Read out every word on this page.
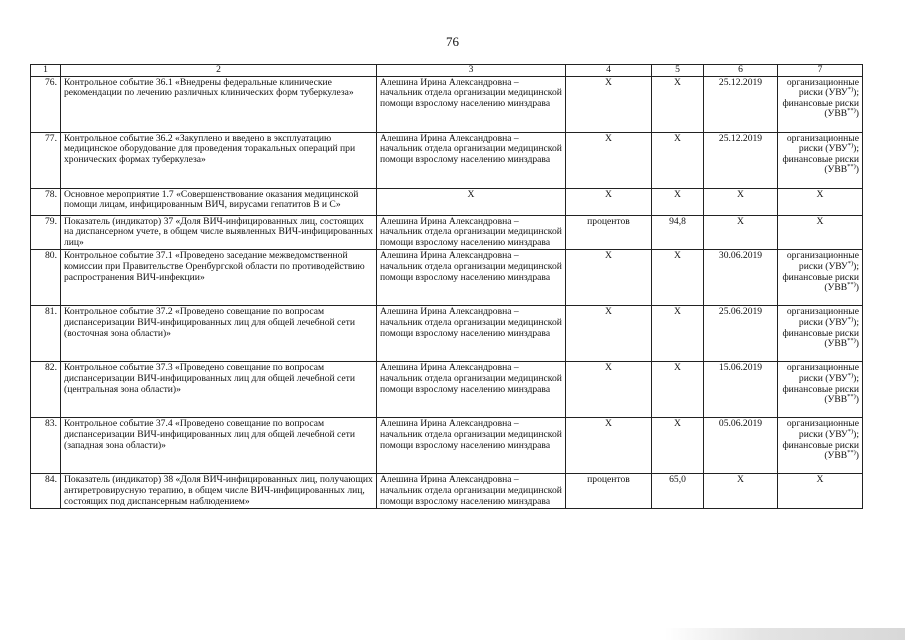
76
1	2	3	4	5	6	7
76.	Контрольное событие 36.1 «Внедрены федеральные клинические рекомендации по лечению различных клинических форм туберкулеза»	Алешина Ирина Александровна – начальник отдела организации медицинской помощи взрослому населению минздрава	X	X	25.12.2019	организационные риски (УВУ*)); финансовые риски (УВВ**))
77.	Контрольное событие 36.2 «Закуплено и введено в эксплуатацию медицинское оборудование для проведения торакальных операций при хронических формах туберкулеза»	Алешина Ирина Александровна – начальник отдела организации медицинской помощи взрослому населению минздрава	X	X	25.12.2019	организационные риски (УВУ*)); финансовые риски (УВВ**))
78.	Основное мероприятие 1.7 «Совершенствование оказания медицинской помощи лицам, инфицированным ВИЧ, вирусами гепатитов В и С»	X	X	X	X	X
79.	Показатель (индикатор) 37 «Доля ВИЧ-инфицированных лиц, состоящих на диспансерном учете, в общем числе выявленных ВИЧ-инфицированных лиц»	Алешина Ирина Александровна – начальник отдела организации медицинской помощи взрослому населению минздрава	процентов	94,8	X	X
80.	Контрольное событие 37.1 «Проведено заседание межведомственной комиссии при Правительстве Оренбургской области по противодействию распространения ВИЧ-инфекции»	Алешина Ирина Александровна – начальник отдела организации медицинской помощи взрослому населению минздрава	X	X	30.06.2019	организационные риски (УВУ*)); финансовые риски (УВВ**))
81.	Контрольное событие 37.2 «Проведено совещание по вопросам диспансеризации ВИЧ-инфицированных лиц для общей лечебной сети (восточная зона области)»	Алешина Ирина Александровна – начальник отдела организации медицинской помощи взрослому населению минздрава	X	X	25.06.2019	организационные риски (УВУ*)); финансовые риски (УВВ**))
82.	Контрольное событие 37.3 «Проведено совещание по вопросам диспансеризации ВИЧ-инфицированных лиц для общей лечебной сети (центральная зона области)»	Алешина Ирина Александровна – начальник отдела организации медицинской помощи взрослому населению минздрава	X	X	15.06.2019	организационные риски (УВУ*)); финансовые риски (УВВ**))
83.	Контрольное событие 37.4 «Проведено совещание по вопросам диспансеризации ВИЧ-инфицированных лиц для общей лечебной сети (западная зона области)»	Алешина Ирина Александровна – начальник отдела организации медицинской помощи взрослому населению минздрава	X	X	05.06.2019	организационные риски (УВУ*)); финансовые риски (УВВ**))
84.	Показатель (индикатор) 38 «Доля ВИЧ-инфицированных лиц, получающих антиретровирусную терапию, в общем числе ВИЧ-инфицированных лиц, состоящих под диспансерным наблюдением»	Алешина Ирина Александровна – начальник отдела организации медицинской помощи взрослому населению минздрава	процентов	65,0	X	X
